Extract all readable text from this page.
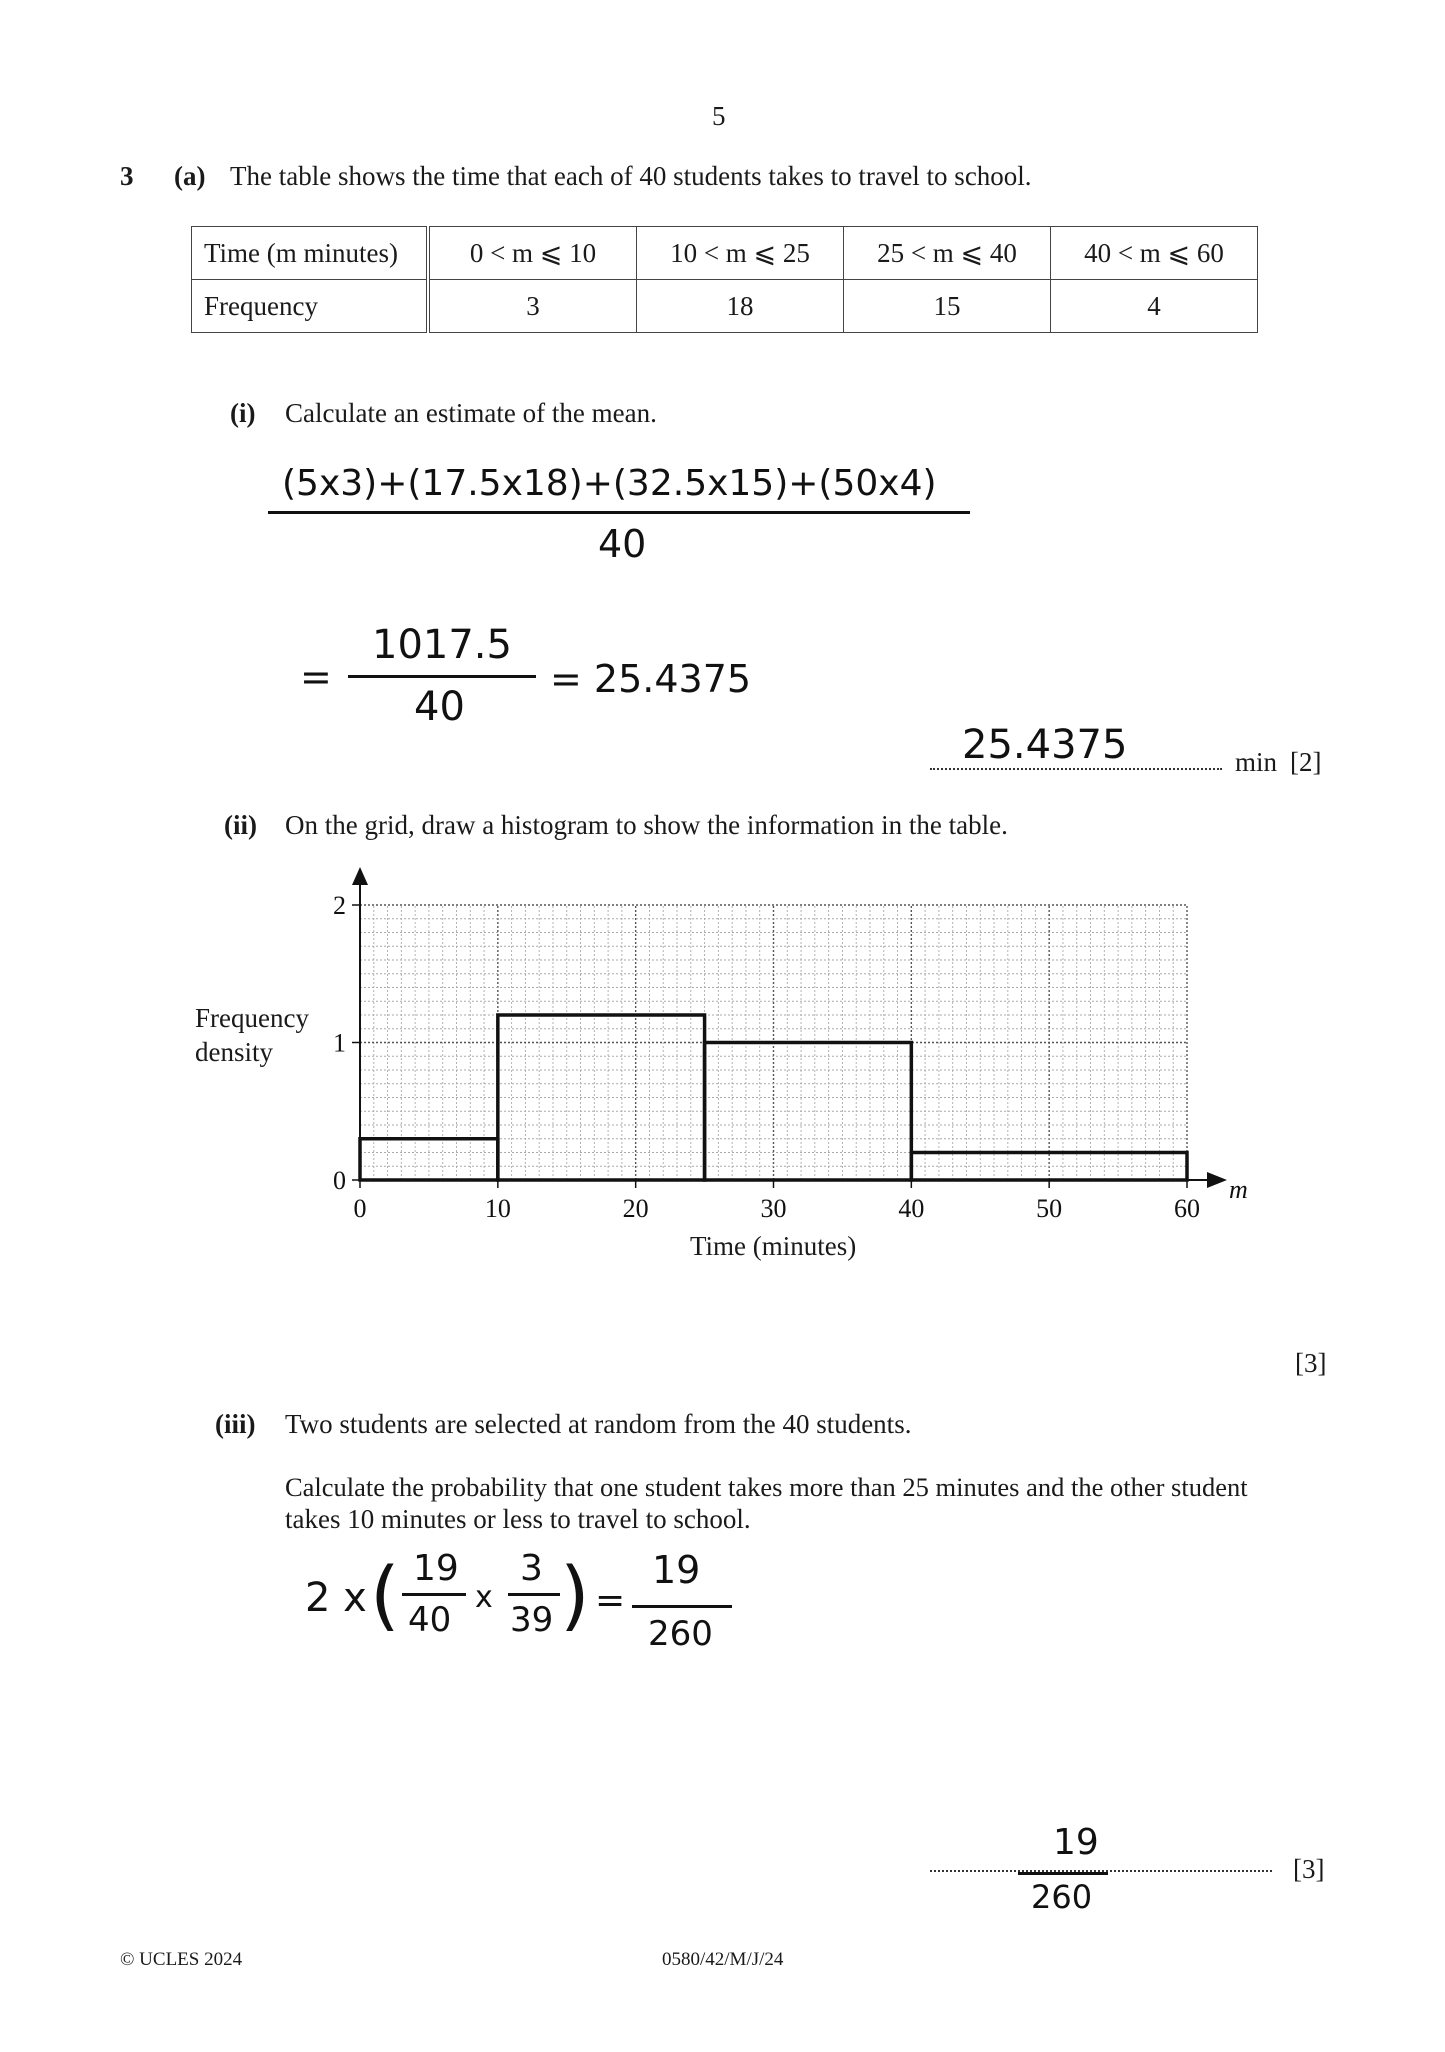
5
3 (a) The table shows the time that each of 40 students takes to travel to school.
Time (m minutes)	0 < m ⩽ 10	10 < m ⩽ 25	25 < m ⩽ 40	40 < m ⩽ 60
Frequency	3	18	15	4
(i) Calculate an estimate of the mean.
(5x3)+(17.5x18)+(32.5x15)+(50x4)
40
=
1017.5
40
= 25.4375
25.4375	min [2]
(ii) On the grid, draw a histogram to show the information in the table.
Frequency
density
0	10	20	30	40	50	60
0
1
2
m
Time (minutes)
[3]
(iii) Two students are selected at random from the 40 students.
Calculate the probability that one student takes more than 25 minutes and the other student
takes 10 minutes or less to travel to school.
2 x ( 19
40
x
3
39 ) =
19
260
19
260
[3]
© UCLES 2024	0580/42/M/J/24
